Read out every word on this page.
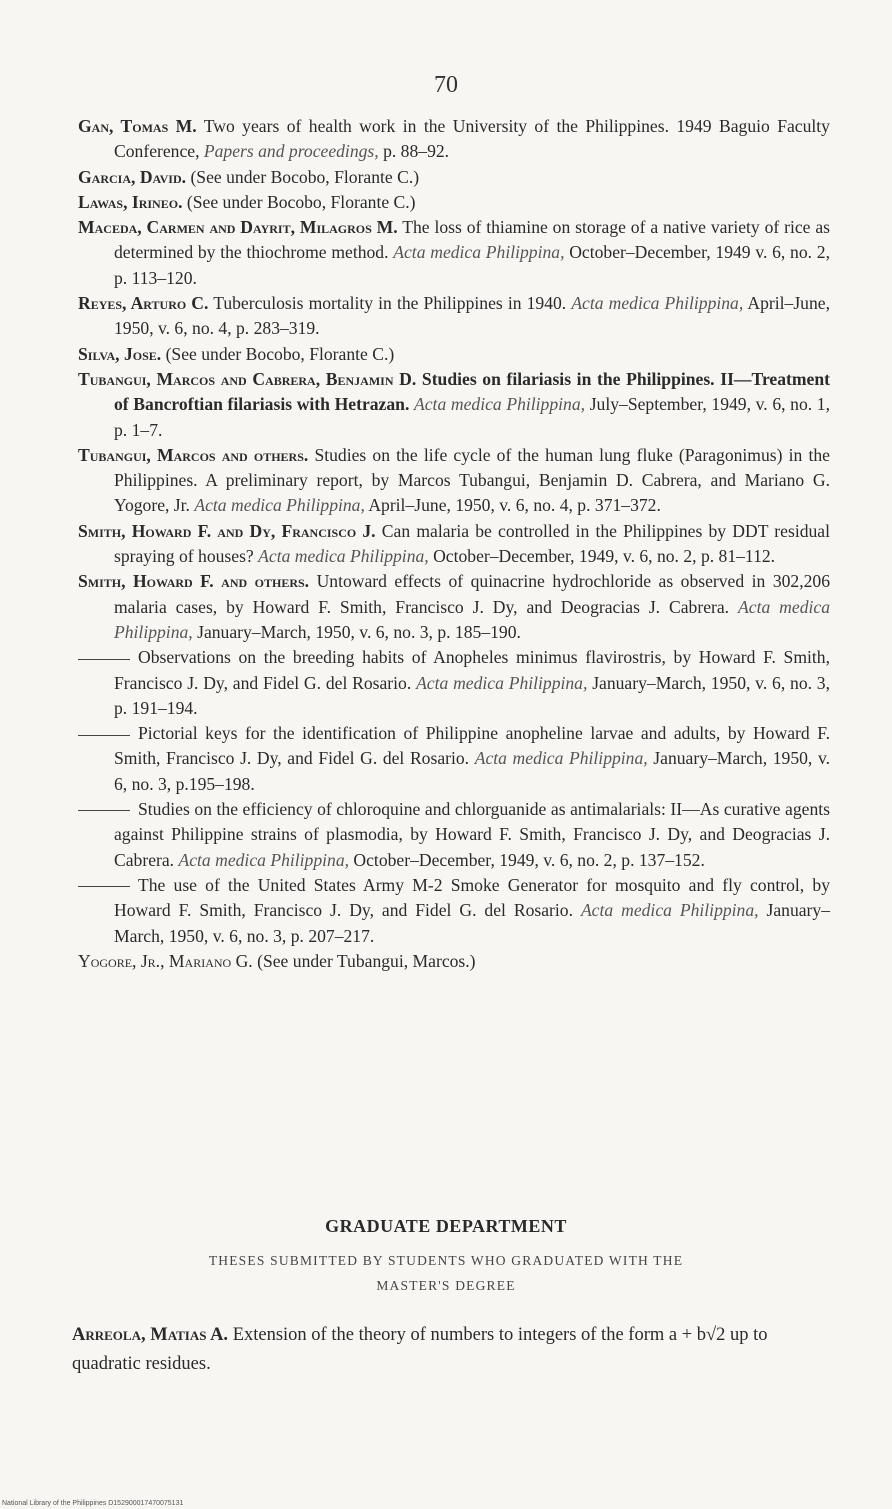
70

Gan, Tomas M. Two years of health work in the University of the Philippines. 1949 Baguio Faculty Conference, Papers and proceedings, p. 88–92.

Garcia, David. (See under Bocobo, Florante C.)

Lawas, Irineo. (See under Bocobo, Florante C.)

Maceda, Carmen and Dayrit, Milagros M. The loss of thiamine on storage of a native variety of rice as determined by the thiochrome method. Acta medica Philippina, October–December, 1949 v. 6, no. 2, p. 113–120.

Reyes, Arturo C. Tuberculosis mortality in the Philippines in 1940. Acta medica Philippina, April–June, 1950, v. 6, no. 4, p. 283–319.

Silva, Jose. (See under Bocobo, Florante C.)

Tubangui, Marcos and Cabrera, Benjamin D. Studies on filariasis in the Philippines. II—Treatment of Bancroftian filariasis with Hetrazan. Acta medica Philippina, July–September, 1949, v. 6, no. 1, p. 1–7.

Tubangui, Marcos and others. Studies on the life cycle of the human lung fluke (Paragonimus) in the Philippines. A preliminary report, by Marcos Tubangui, Benjamin D. Cabrera, and Mariano G. Yogore, Jr. Acta medica Philippina, April–June, 1950, v. 6, no. 4, p. 371–372.

Smith, Howard F. and Dy, Francisco J. Can malaria be controlled in the Philippines by DDT residual spraying of houses? Acta medica Philippina, October–December, 1949, v. 6, no. 2, p. 81–112.

Smith, Howard F. and others. Untoward effects of quinacrine hydrochloride as observed in 302,206 malaria cases, by Howard F. Smith, Francisco J. Dy, and Deogracias J. Cabrera. Acta medica Philippina, January–March, 1950, v. 6, no. 3, p. 185–190.

Observations on the breeding habits of Anopheles minimus flavirostris, by Howard F. Smith, Francisco J. Dy, and Fidel G. del Rosario. Acta medica Philippina, January–March, 1950, v. 6, no. 3, p. 191–194.

Pictorial keys for the identification of Philippine anopheline larvae and adults, by Howard F. Smith, Francisco J. Dy, and Fidel G. del Rosario. Acta medica Philippina, January–March, 1950, v. 6, no. 3, p.195–198.

Studies on the efficiency of chloroquine and chlorguanide as antimalarials: II—As curative agents against Philippine strains of plasmodia, by Howard F. Smith, Francisco J. Dy, and Deogracias J. Cabrera. Acta medica Philippina, October–December, 1949, v. 6, no. 2, p. 137–152.

The use of the United States Army M-2 Smoke Generator for mosquito and fly control, by Howard F. Smith, Francisco J. Dy, and Fidel G. del Rosario. Acta medica Philippina, January–March, 1950, v. 6, no. 3, p. 207–217.

Yogore, Jr., Mariano G. (See under Tubangui, Marcos.)

GRADUATE DEPARTMENT
THESES SUBMITTED BY STUDENTS WHO GRADUATED WITH THE
MASTER'S DEGREE

Arreola, Matias A. Extension of the theory of numbers to integers of the form a + b√2 up to quadratic residues.

National Library of the Philippines D152900017470075131
